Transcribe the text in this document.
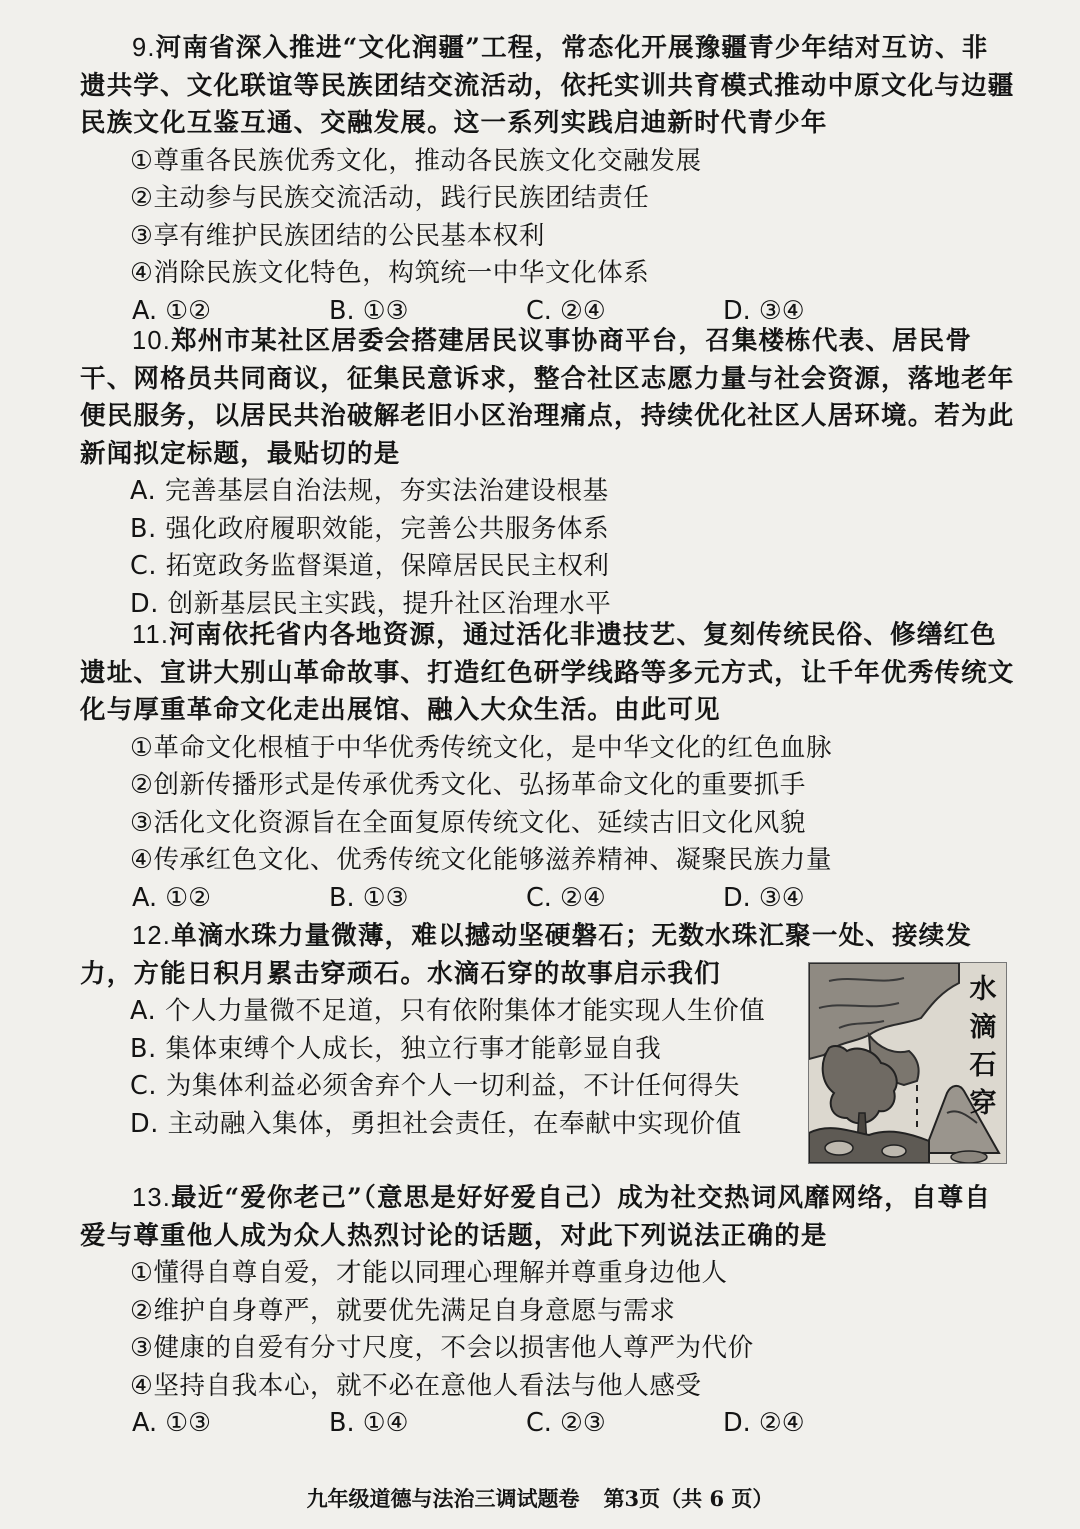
9.河南省深入推进“文化润疆”工程，常态化开展豫疆青少年结对互访、非遗共学、文化联谊等民族团结交流活动，依托实训共育模式推动中原文化与边疆民族文化互鉴互通、交融发展。这一系列实践启迪新时代青少年

①尊重各民族优秀文化，推动各民族文化交融发展
②主动参与民族交流活动，践行民族团结责任
③享有维护民族团结的公民基本权利
④消除民族文化特色，构筑统一中华文化体系
A. ①②	B. ①③	C. ②④	D. ③④

10.郑州市某社区居委会搭建居民议事协商平台，召集楼栋代表、居民骨干、网格员共同商议，征集民意诉求，整合社区志愿力量与社会资源，落地老年便民服务，以居民共治破解老旧小区治理痛点，持续优化社区人居环境。若为此新闻拟定标题，最贴切的是

A. 完善基层自治法规，夯实法治建设根基
B. 强化政府履职效能，完善公共服务体系
C. 拓宽政务监督渠道，保障居民民主权利
D. 创新基层民主实践，提升社区治理水平

11.河南依托省内各地资源，通过活化非遗技艺、复刻传统民俗、修缮红色遗址、宣讲大别山革命故事、打造红色研学线路等多元方式，让千年优秀传统文化与厚重革命文化走出展馆、融入大众生活。由此可见

①革命文化根植于中华优秀传统文化，是中华文化的红色血脉
②创新传播形式是传承优秀文化、弘扬革命文化的重要抓手
③活化文化资源旨在全面复原传统文化、延续古旧文化风貌
④传承红色文化、优秀传统文化能够滋养精神、凝聚民族力量
A. ①②	B. ①③	C. ②④	D. ③④

12.单滴水珠力量微薄，难以撼动坚硬磐石；无数水珠汇聚一处、接续发

力，方能日积月累击穿顽石。水滴石穿的故事启示我们

A. 个人力量微不足道，只有依附集体才能实现人生价值
B. 集体束缚个人成长，独立行事才能彰显自我
C. 为集体利益必须舍弃个人一切利益，不计任何得失
D. 主动融入集体，勇担社会责任，在奉献中实现价值
水滴石穿

13.最近“爱你老己”（意思是好好爱自己）成为社交热词风靡网络，自尊自爱与尊重他人成为众人热烈讨论的话题，对此下列说法正确的是

①懂得自尊自爱，才能以同理心理解并尊重身边他人
②维护自身尊严，就要优先满足自身意愿与需求
③健康的自爱有分寸尺度，不会以损害他人尊严为代价
④坚持自我本心，就不必在意他人看法与他人感受
A. ①③	B. ①④	C. ②③	D. ②④
九年级道德与法治三调试题卷 第3页（共 6 页）
